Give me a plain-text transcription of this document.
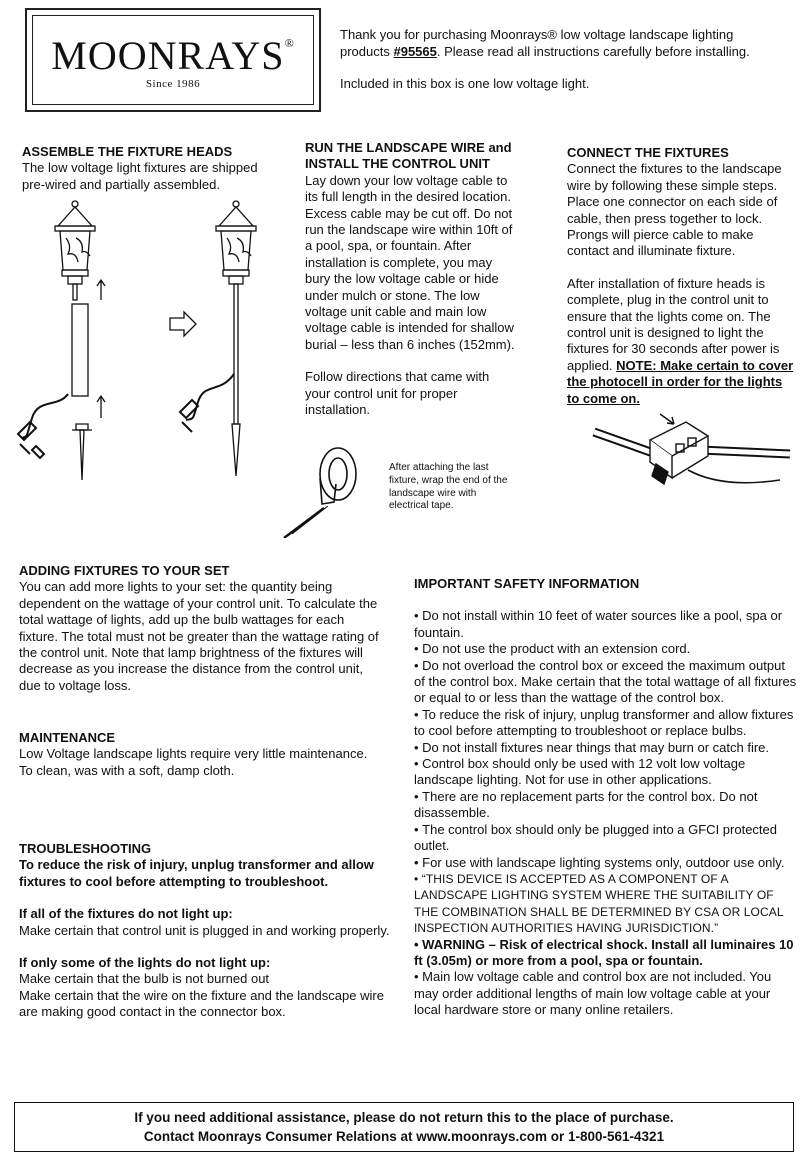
MOONRAYS®
Since 1986

Thank you for purchasing Moonrays® low voltage landscape lighting products #95565. Please read all instructions carefully before installing.

Included in this box is one low voltage light.

ASSEMBLE THE FIXTURE HEADS

The low voltage light fixtures are shipped pre-wired and partially assembled.

RUN THE LANDSCAPE WIRE and INSTALL THE CONTROL UNIT

Lay down your low voltage cable to its full length in the desired location. Excess cable may be cut off. Do not run the landscape wire within 10ft of a pool, spa, or fountain. After installation is complete, you may bury the low voltage cable or hide under mulch or stone. The low voltage unit cable and main low voltage cable is intended for shallow burial – less than 6 inches (152mm).

Follow directions that came with your control unit for proper installation.

After attaching the last fixture, wrap the end of the landscape wire with electrical tape.

CONNECT THE FIXTURES

Connect the fixtures to the landscape wire by following these simple steps. Place one connector on each side of cable, then press together to lock. Prongs will pierce cable to make contact and illuminate fixture.

After installation of fixture heads is complete, plug in the control unit to ensure that the lights come on. The control unit is designed to light the fixtures for 30 seconds after power is applied. NOTE: Make certain to cover the photocell in order for the lights to come on.

ADDING FIXTURES TO YOUR SET

You can add more lights to your set: the quantity being dependent on the wattage of your control unit. To calculate the total wattage of lights, add up the bulb wattages for each fixture. The total must not be greater than the wattage rating of the control unit. Note that lamp brightness of the fixtures will decrease as you increase the distance from the control unit, due to voltage loss.

MAINTENANCE

Low Voltage landscape lights require very little maintenance. To clean, was with a soft, damp cloth.

TROUBLESHOOTING

To reduce the risk of injury, unplug transformer and allow fixtures to cool before attempting to troubleshoot.

If all of the fixtures do not light up:

Make certain that control unit is plugged in and working properly.

If only some of the lights do not light up:

Make certain that the bulb is not burned out

Make certain that the wire on the fixture and the landscape wire are making good contact in the connector box.

IMPORTANT SAFETY INFORMATION

• Do not install within 10 feet of water sources like a pool, spa or fountain.
• Do not use the product with an extension cord.
• Do not overload the control box or exceed the maximum output of the control box. Make certain that the total wattage of all fixtures or equal to or less than the wattage of the control box.
• To reduce the risk of injury, unplug transformer and allow fixtures to cool before attempting to troubleshoot or replace bulbs.
• Do not install fixtures near things that may burn or catch fire.
• Control box should only be used with 12 volt low voltage landscape lighting. Not for use in other applications.
• There are no replacement parts for the control box. Do not disassemble.
• The control box should only be plugged into a GFCI protected outlet.
• For use with landscape lighting systems only, outdoor use only.
• “THIS DEVICE IS ACCEPTED AS A COMPONENT OF A LANDSCAPE LIGHTING SYSTEM WHERE THE SUITABILITY OF THE COMBINATION SHALL BE DETERMINED BY CSA OR LOCAL INSPECTION AUTHORITIES HAVING JURISDICTION.”
• WARNING – Risk of electrical shock. Install all luminaires 10 ft (3.05m) or more from a pool, spa or fountain.
• Main low voltage cable and control box are not included. You may order additional lengths of main low voltage cable at your local hardware store or many online retailers.
If you need additional assistance, please do not return this to the place of purchase.
Contact Moonrays Consumer Relations at www.moonrays.com or 1-800-561-4321
